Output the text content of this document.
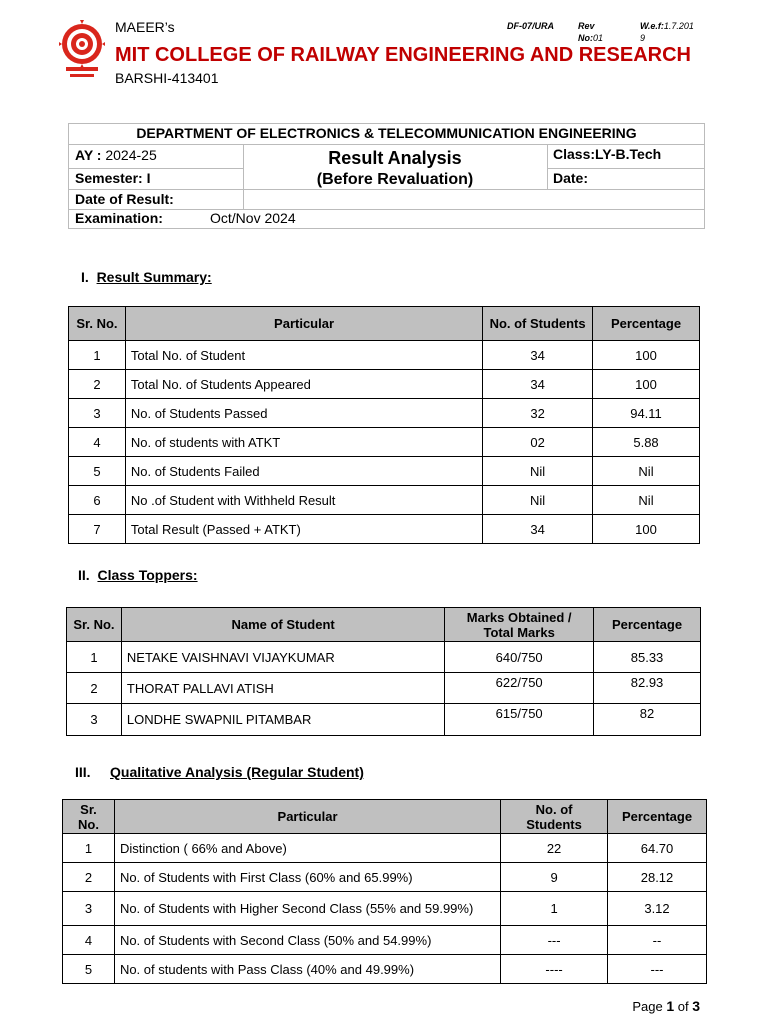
MAEER’s
MIT COLLEGE OF RAILWAY ENGINEERING AND RESEARCH
BARSHI-413401
DF-07/URA	Rev
No:01
W.e.f:1.7.201
9
DEPARTMENT OF ELECTRONICS & TELECOMMUNICATION ENGINEERING
AY : 2024-25	Result Analysis
(Before Revaluation)
Class:LY-B.Tech
Semester: I	Date:
Date of Result:
Examination:	Oct/Nov 2024
I. Result Summary:
Sr. No.	Particular	No. of Students	Percentage
1	Total No. of Student	34	100
2	Total No. of Students Appeared	34	100
3	No. of Students Passed	32	94.11
4	No. of students with ATKT	02	5.88
5	No. of Students Failed	Nil	Nil
6	No .of Student with Withheld Result	Nil	Nil
7	Total Result (Passed + ATKT)	34	100
II. Class Toppers:
Sr. No.	Name of Student	Marks Obtained / Total Marks	Percentage
1	NETAKE VAISHNAVI VIJAYKUMAR	640/750	85.33
2	THORAT PALLAVI ATISH	622/750	82.93
3	LONDHE SWAPNIL PITAMBAR	615/750	82
III. Qualitative Analysis (Regular Student)
Sr. No.	Particular	No. of Students	Percentage
1	Distinction ( 66% and Above)	22	64.70
2	No. of Students with First Class (60% and 65.99%)	9	28.12
3	No. of Students with Higher Second Class (55% and 59.99%)	1	3.12
4	No. of Students with Second Class (50% and 54.99%)	---	--
5	No. of students with Pass Class (40% and 49.99%)	----	---
Page 1 of 3
